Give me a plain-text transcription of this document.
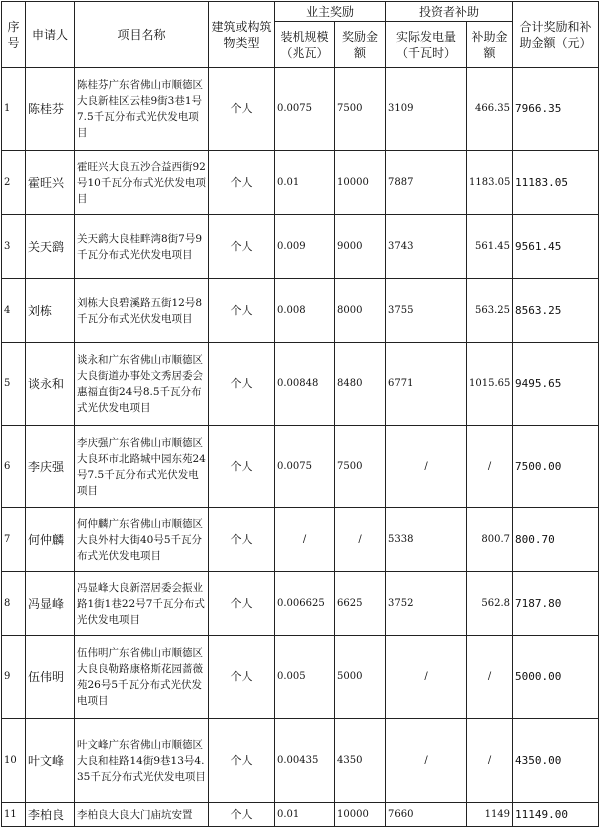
序号	申请人	项目名称	建筑或构筑物类型	业主奖励		投资者补助		合计奖励和补助金额（元）
				装机规模（兆瓦）	奖励金额	实际发电量（千瓦时）	补助金额	
1	陈桂芬	陈桂芬广东省佛山市顺德区大良新桂区云桂9街3巷1号7.5千瓦分布式光伏发电项目	个人	0.0075	7500	3109	466.35	7966.35
2	霍旺兴	霍旺兴大良五沙合益西街92号10千瓦分布式光伏发电项目	个人	0.01	10000	7887	1183.05	11183.05
3	关天鹞	关天鹞大良桂畔湾8街7号9千瓦分布式光伏发电项目	个人	0.009	9000	3743	561.45	9561.45
4	刘栋	刘栋大良碧溪路五街12号8千瓦分布式光伏发电项目	个人	0.008	8000	3755	563.25	8563.25
5	谈永和	谈永和广东省佛山市顺德区大良街道办事处文秀居委会惠福直街24号8.5千瓦分布式光伏发电项目	个人	0.00848	8480	6771	1015.65	9495.65
6	李庆强	李庆强广东省佛山市顺德区大良环市北路城中园东苑24号7.5千瓦分布式光伏发电项目	个人	0.0075	7500	/	/	7500.00
7	何仲麟	何仲麟广东省佛山市顺德区大良外村大街40号5千瓦分布式光伏发电项目	个人	/	/	5338	800.7	800.70
8	冯显峰	冯显峰大良新滘居委会振业路1街1巷22号7千瓦分布式光伏发电项目	个人	0.006625	6625	3752	562.8	7187.80
9	伍伟明	伍伟明广东省佛山市顺德区大良良勒路康格斯花园蔷薇苑26号5千瓦分布式光伏发电项目	个人	0.005	5000	/	/	5000.00
10	叶文峰	叶文峰广东省佛山市顺德区大良和桂路14街9巷13号4.35千瓦分布式光伏发电项目	个人	0.00435	4350	/	/	4350.00
11	李柏良	李柏良大良大门庙坑安置	个人	0.01	10000	7660	1149	11149.00
